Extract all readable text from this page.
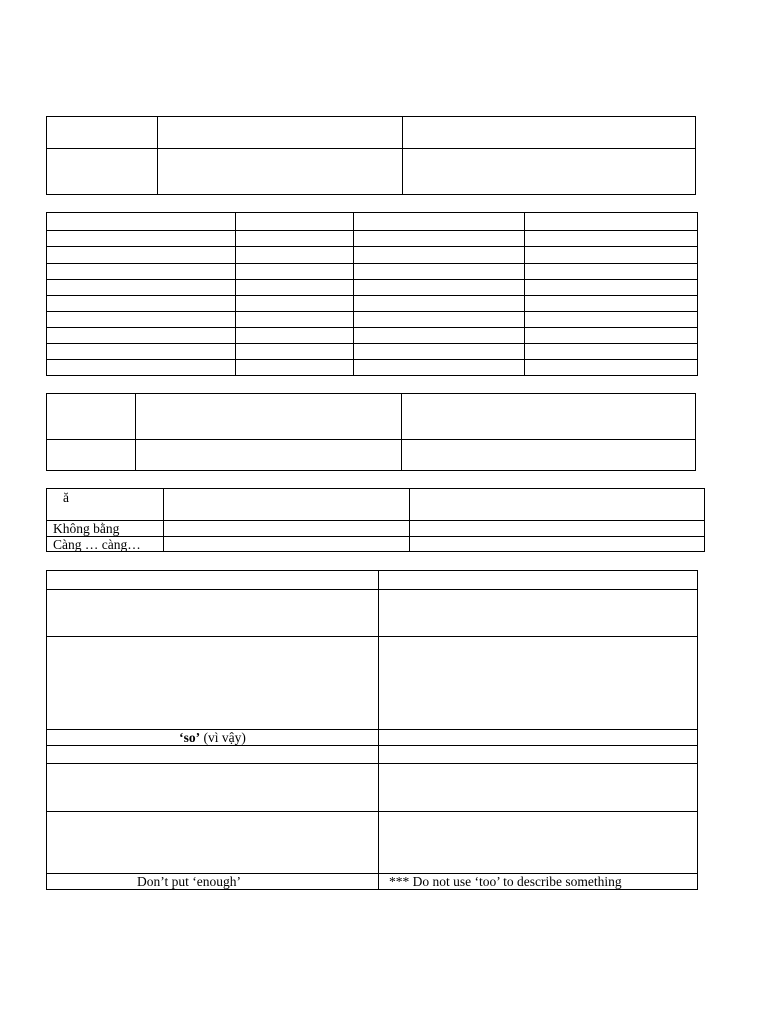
ă
Không bằng
Càng … càng…
‘so’ (vì vậy)
Don’t put ‘enough’	*** Do not use ‘too’ to describe something
